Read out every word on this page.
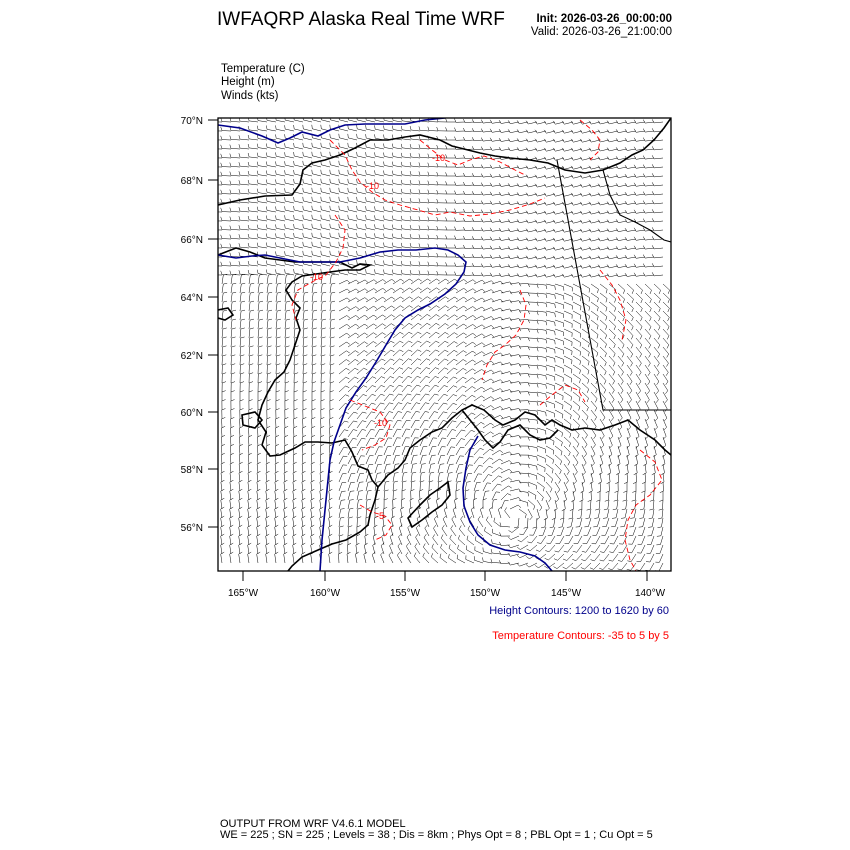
IWFAQRP Alaska Real Time WRF	Init: 2026-03-26_00:00:00
Valid: 2026-03-26_21:00:00
Temperature (C)
Height (m)
Winds (kts)
-10
-10
-10
-10
-5
70°N
68°N
66°N
64°N
62°N
60°N
58°N
56°N
165°W	160°W	155°W	150°W	145°W	140°W
Height Contours: 1200 to 1620 by 60
Temperature Contours: -35 to 5 by 5
OUTPUT FROM WRF V4.6.1 MODEL
WE = 225 ; SN = 225 ; Levels = 38 ; Dis = 8km ; Phys Opt = 8 ; PBL Opt = 1 ; Cu Opt = 5
